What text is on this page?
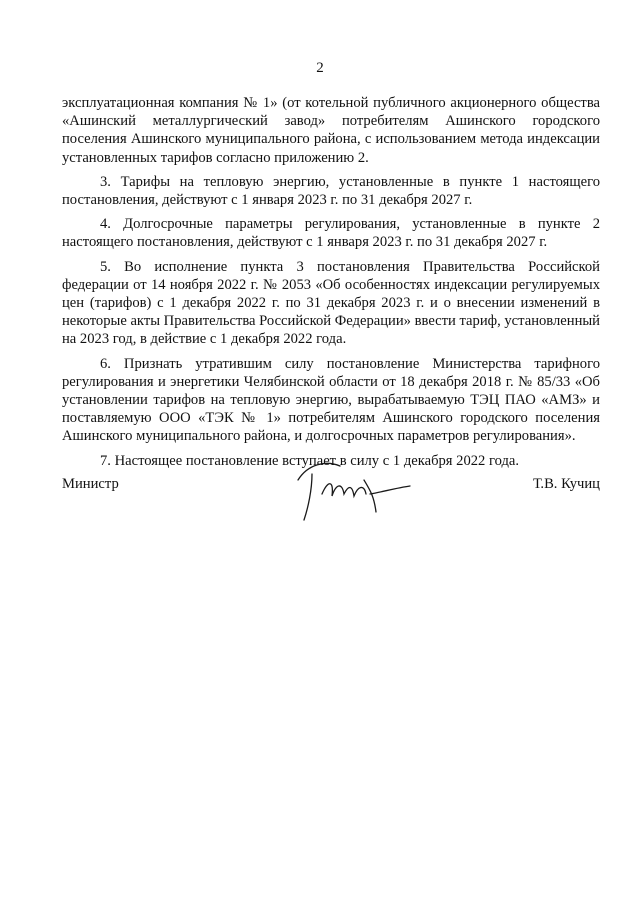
2

эксплуатационная компания № 1» (от котельной публичного акционерного общества «Ашинский металлургический завод» потребителям Ашинского городского поселения Ашинского муниципального района, с использованием метода индексации установленных тарифов согласно приложению 2.

3. Тарифы на тепловую энергию, установленные в пункте 1 настоящего постановления, действуют с 1 января 2023 г. по 31 декабря 2027 г.

4. Долгосрочные параметры регулирования, установленные в пункте 2 настоящего постановления, действуют с 1 января 2023 г. по 31 декабря 2027 г.

5. Во исполнение пункта 3 постановления Правительства Российской федерации от 14 ноября 2022 г. № 2053 «Об особенностях индексации регулируемых цен (тарифов) с 1 декабря 2022 г. по 31 декабря 2023 г. и о внесении изменений в некоторые акты Правительства Российской Федерации» ввести тариф, установленный на 2023 год, в действие с 1 декабря 2022 года.

6. Признать утратившим силу постановление Министерства тарифного регулирования и энергетики Челябинской области от 18 декабря 2018 г. № 85/33 «Об установлении тарифов на тепловую энергию, вырабатываемую ТЭЦ ПАО «АМЗ» и поставляемую ООО «ТЭК № 1» потребителям Ашинского городского поселения Ашинского муниципального района, и долгосрочных параметров регулирования».

7. Настоящее постановление вступает в силу с 1 декабря 2022 года.

Министр	Т.В. Кучиц
